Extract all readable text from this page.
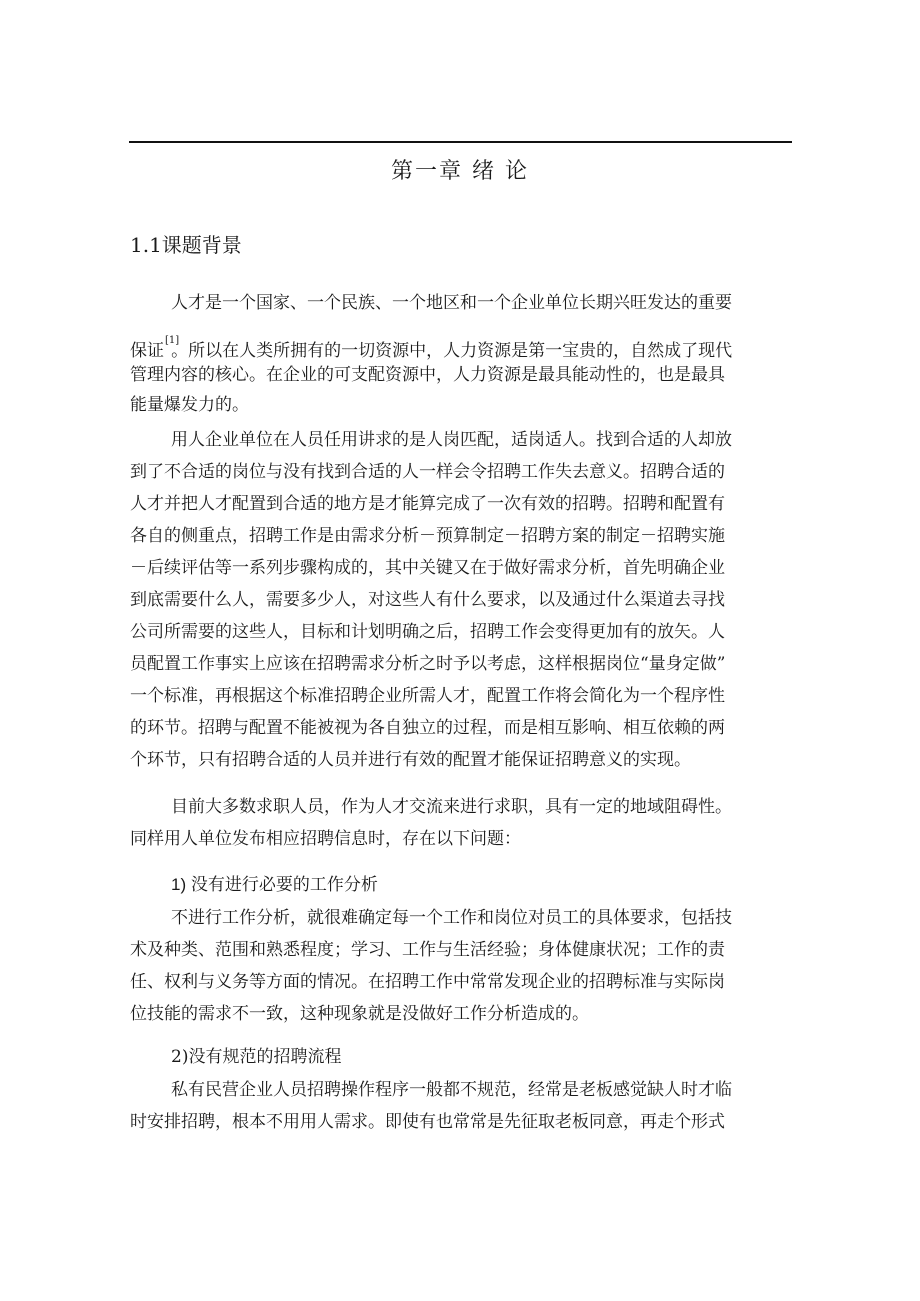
第一章 绪 论
1.1课题背景
人才是一个国家、一个民族、一个地区和一个企业单位长期兴旺发达的重要
保证[1]。所以在人类所拥有的一切资源中，人力资源是第一宝贵的，自然成了现代
管理内容的核心。在企业的可支配资源中，人力资源是最具能动性的，也是最具
能量爆发力的。
用人企业单位在人员任用讲求的是人岗匹配，适岗适人。找到合适的人却放
到了不合适的岗位与没有找到合适的人一样会令招聘工作失去意义。招聘合适的
人才并把人才配置到合适的地方是才能算完成了一次有效的招聘。招聘和配置有
各自的侧重点，招聘工作是由需求分析－预算制定－招聘方案的制定－招聘实施
－后续评估等一系列步骤构成的，其中关键又在于做好需求分析，首先明确企业
到底需要什么人，需要多少人，对这些人有什么要求，以及通过什么渠道去寻找
公司所需要的这些人，目标和计划明确之后，招聘工作会变得更加有的放矢。人
员配置工作事实上应该在招聘需求分析之时予以考虑，这样根据岗位“量身定做”
一个标准，再根据这个标准招聘企业所需人才，配置工作将会简化为一个程序性
的环节。招聘与配置不能被视为各自独立的过程，而是相互影响、相互依赖的两
个环节，只有招聘合适的人员并进行有效的配置才能保证招聘意义的实现。
目前大多数求职人员，作为人才交流来进行求职，具有一定的地域阻碍性。
同样用人单位发布相应招聘信息时，存在以下问题：
1) 没有进行必要的工作分析
不进行工作分析，就很难确定每一个工作和岗位对员工的具体要求，包括技
术及种类、范围和熟悉程度；学习、工作与生活经验；身体健康状况；工作的责
任、权利与义务等方面的情况。在招聘工作中常常发现企业的招聘标准与实际岗
位技能的需求不一致，这种现象就是没做好工作分析造成的。
2)没有规范的招聘流程
私有民营企业人员招聘操作程序一般都不规范，经常是老板感觉缺人时才临
时安排招聘，根本不用用人需求。即使有也常常是先征取老板同意，再走个形式
